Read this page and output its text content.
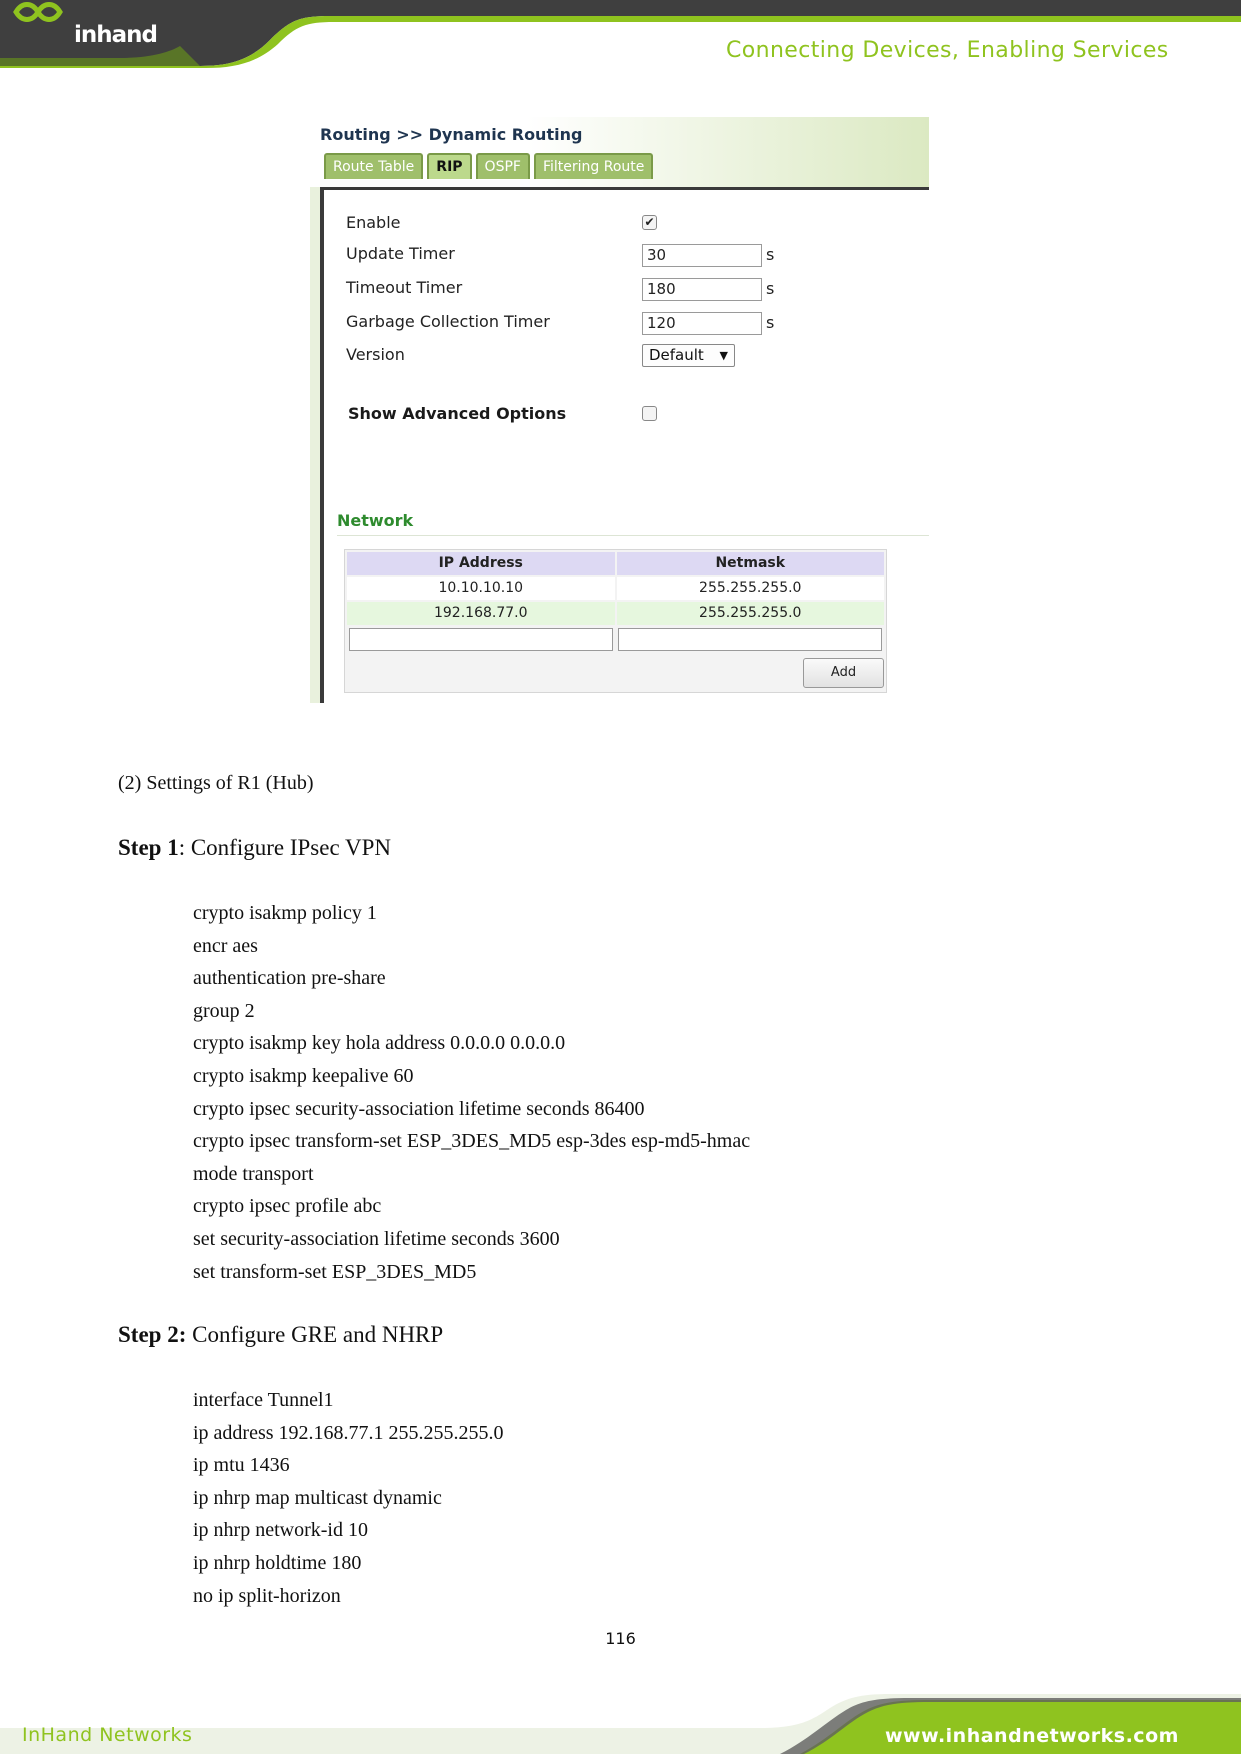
inhand
Connecting Devices, Enabling Services
Routing >> Dynamic Routing
Route Table	RIP	OSPF	Filtering Route
Enable	✔
Update Timer	30	s
Timeout Timer	180	s
Garbage Collection Timer	120	s
Version	Default ▼
Show Advanced Options
Network
IP Address	Netmask
10.10.10.10	255.255.255.0
192.168.77.0	255.255.255.0
Add
(2) Settings of R1 (Hub)
Step 1: Configure IPsec VPN
crypto isakmp policy 1
encr aes
authentication pre-share
group 2
crypto isakmp key hola address 0.0.0.0 0.0.0.0
crypto isakmp keepalive 60
crypto ipsec security-association lifetime seconds 86400
crypto ipsec transform-set ESP_3DES_MD5 esp-3des esp-md5-hmac
mode transport
crypto ipsec profile abc
set security-association lifetime seconds 3600
set transform-set ESP_3DES_MD5
Step 2: Configure GRE and NHRP
interface Tunnel1
ip address 192.168.77.1 255.255.255.0
ip mtu 1436
ip nhrp map multicast dynamic
ip nhrp network-id 10
ip nhrp holdtime 180
no ip split-horizon
116
InHand Networks	www.inhandnetworks.com
